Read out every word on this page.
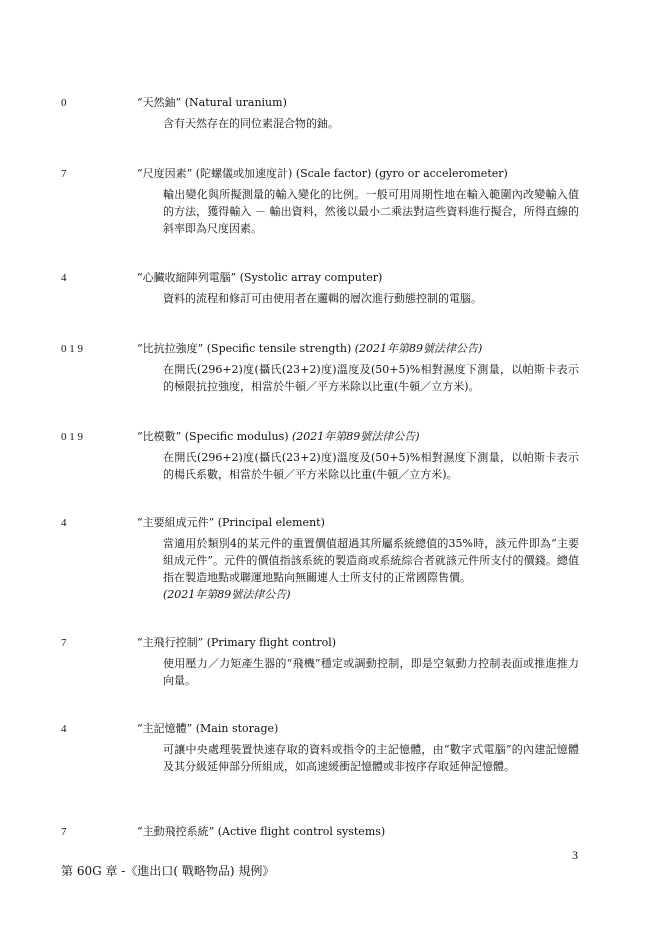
0	“天然鈾” (Natural uranium)
含有天然存在的同位素混合物的鈾。
7	“尺度因素” (陀螺儀或加速度計) (Scale factor) (gyro or accelerometer)
輸出變化與所擬測量的輸入變化的比例。一般可用周期性地在輸入範圍內改變輸入值的方法，獲得輸入 － 輸出資料，然後以最小二乘法對這些資料進行擬合，所得直線的斜率即為尺度因素。
4	“心臟收縮陣列電腦” (Systolic array computer)
資料的流程和修訂可由使用者在邏輯的層次進行動態控制的電腦。
0 1 9	“比抗拉強度” (Specific tensile strength) (2021年第89號法律公告)
在開氏(296+2)度(攝氏(23+2)度)溫度及(50+5)%相對濕度下測量，以帕斯卡表示的極限抗拉強度，相當於牛頓／平方米除以比重(牛頓／立方米)。
0 1 9	“比模數” (Specific modulus) (2021年第89號法律公告)
在開氏(296+2)度(攝氏(23+2)度)溫度及(50+5)%相對濕度下測量，以帕斯卡表示的楊氏系數，相當於牛頓／平方米除以比重(牛頓／立方米)。
4	“主要組成元件” (Principal element)
當適用於類別4的某元件的重置價值超過其所屬系統總值的35%時，該元件即為“主要組成元件”。元件的價值指該系統的製造商或系統綜合者就該元件所支付的價錢。總值指在製造地點或聯運地點向無關連人士所支付的正常國際售價。
(2021年第89號法律公告)
7	“主飛行控制” (Primary flight control)
使用壓力／力矩產生器的“飛機”穩定或調動控制，即是空氣動力控制表面或推進推力向量。
4	“主記憶體” (Main storage)
可讓中央處理裝置快速存取的資料或指令的主記憶體，由“數字式電腦”的內建記憶體及其分級延伸部分所組成，如高速緩衝記憶體或非按序存取延伸記憶體。
7	“主動飛控系統” (Active flight control systems)
3
第 60G 章 -《進出口( 戰略物品) 規例》
